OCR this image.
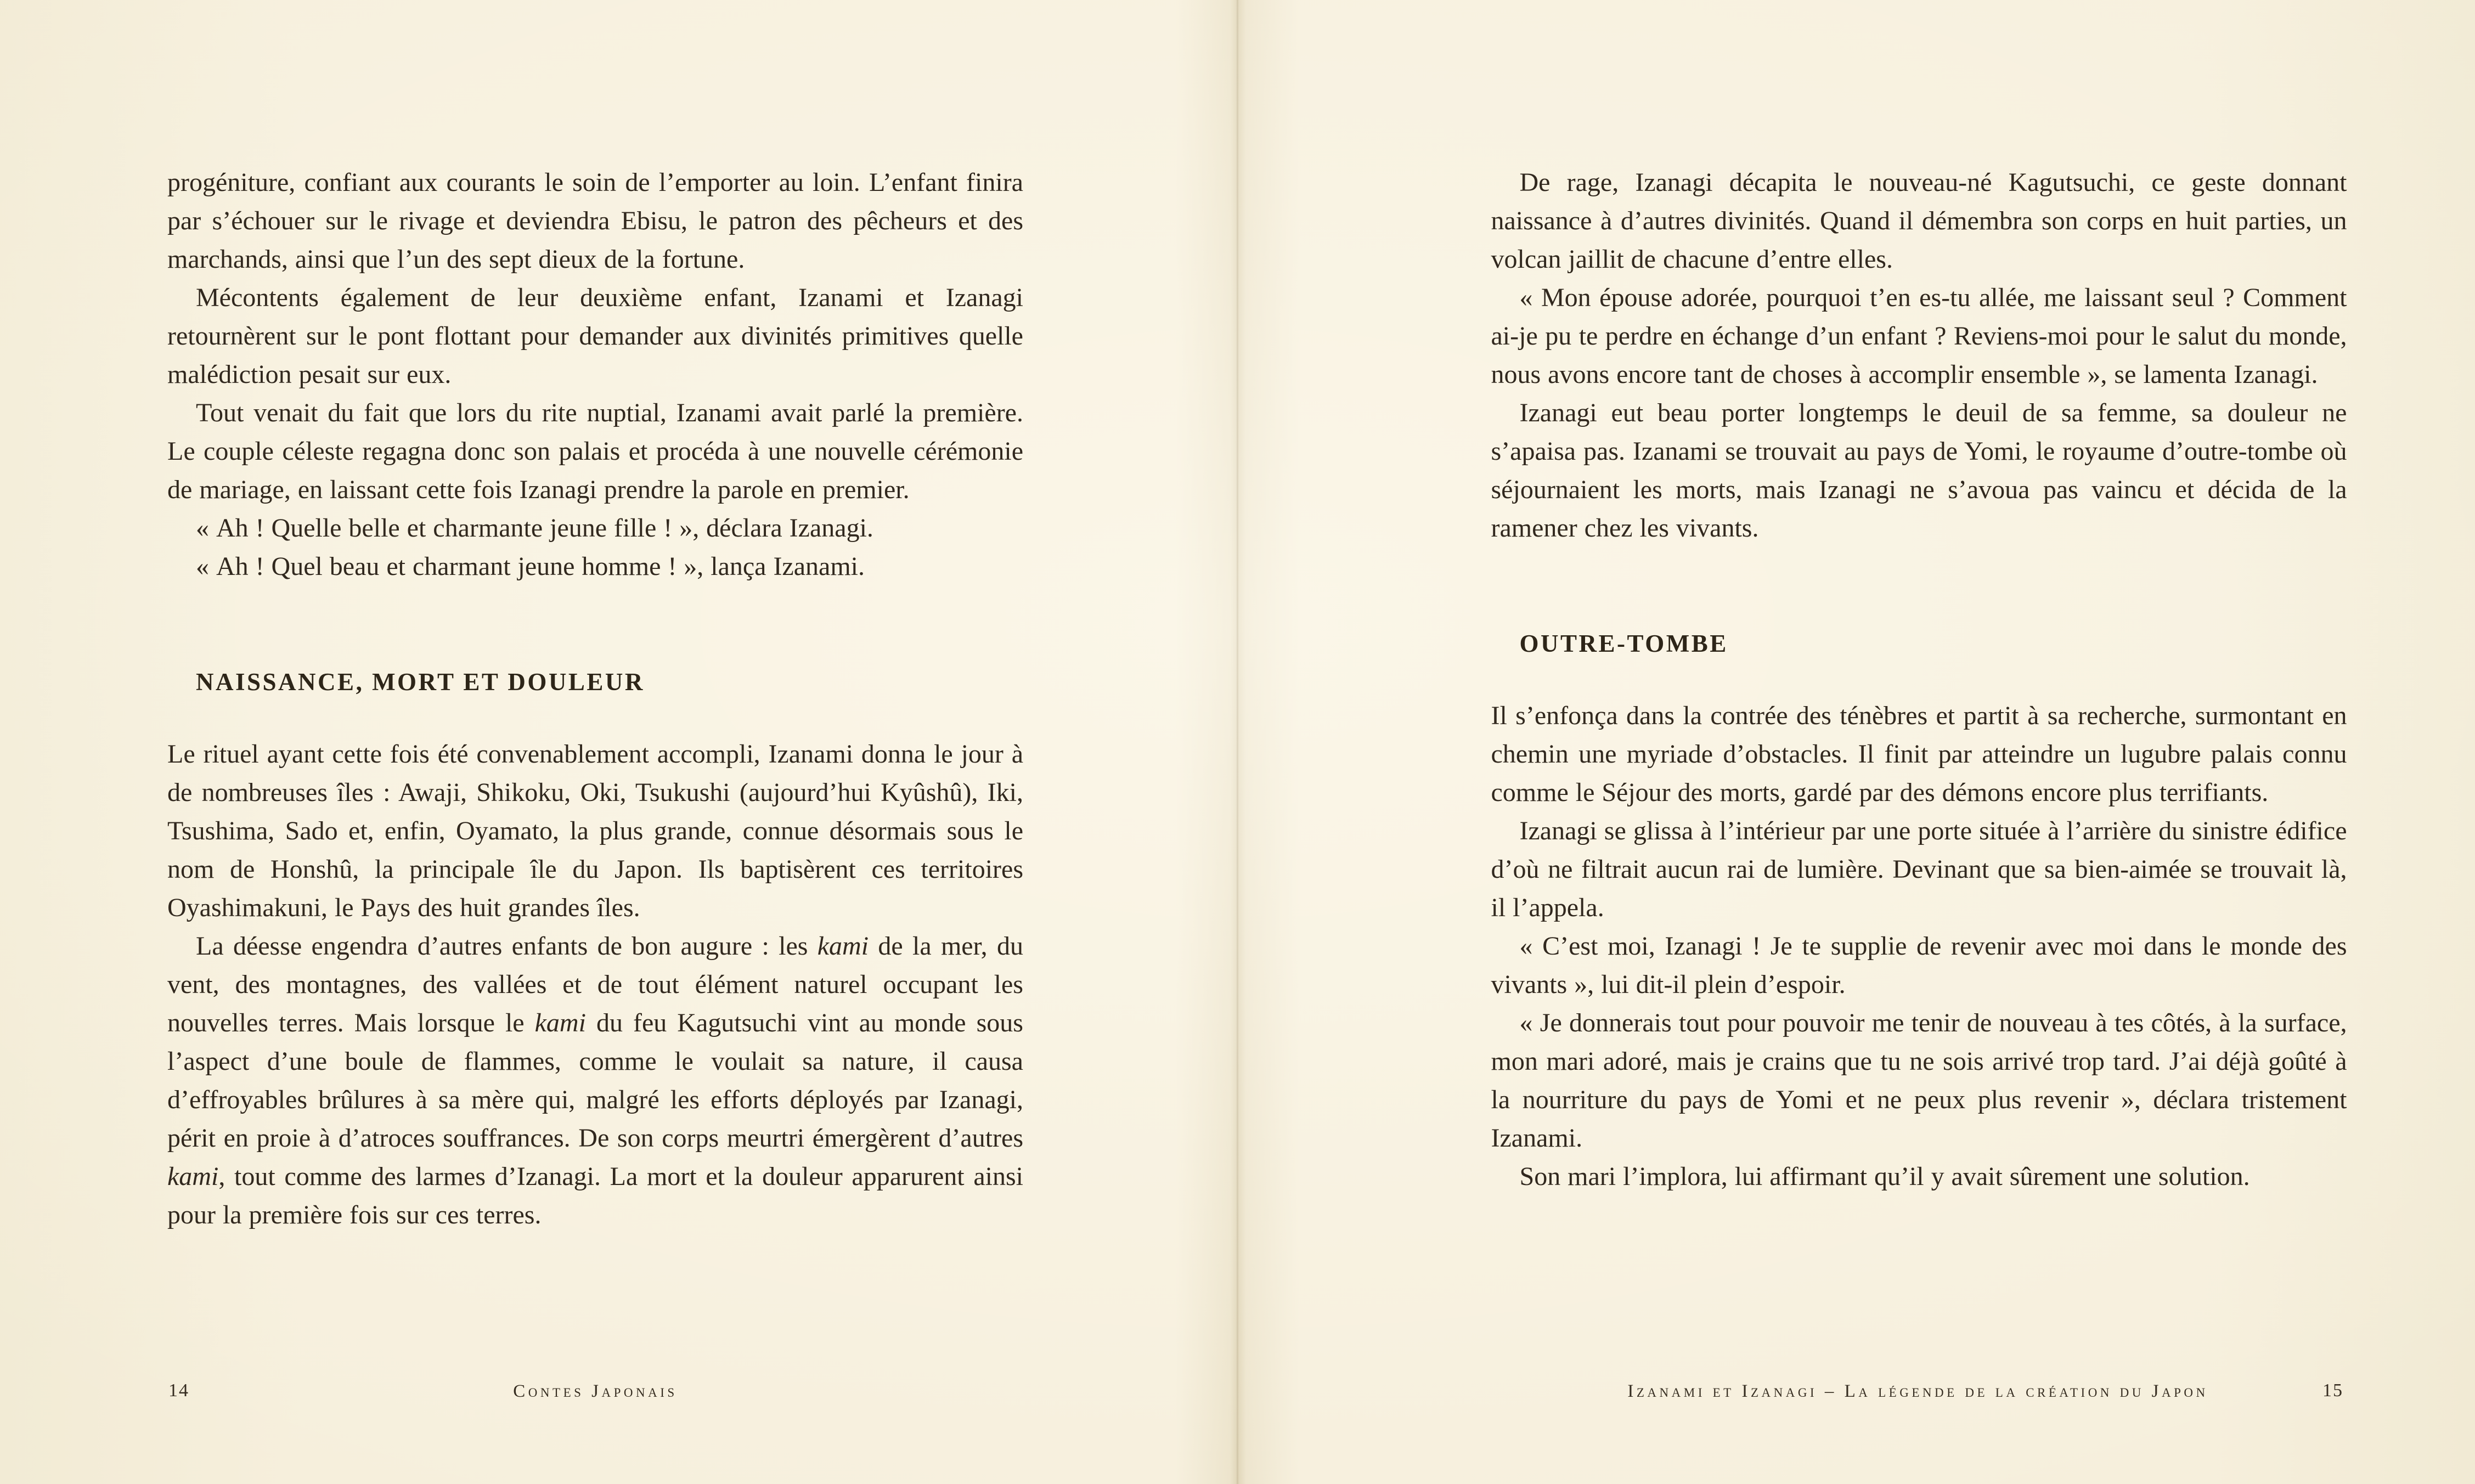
progéniture, confiant aux courants le soin de l’emporter au loin. L’enfant finira par s’échouer sur le rivage et deviendra Ebisu, le patron des pêcheurs et des marchands, ainsi que l’un des sept dieux de la fortune.

Mécontents également de leur deuxième enfant, Izanami et Izanagi retournèrent sur le pont flottant pour demander aux divinités primitives quelle malédiction pesait sur eux.

Tout venait du fait que lors du rite nuptial, Izanami avait parlé la première. Le couple céleste regagna donc son palais et procéda à une nouvelle cérémonie de mariage, en laissant cette fois Izanagi prendre la parole en premier.

« Ah ! Quelle belle et charmante jeune fille ! », déclara Izanagi.

« Ah ! Quel beau et charmant jeune homme ! », lança Izanami.

NAISSANCE, MORT ET DOULEUR

Le rituel ayant cette fois été convenablement accompli, Izanami donna le jour à de nombreuses îles : Awaji, Shikoku, Oki, Tsukushi (aujourd’hui Kyûshû), Iki, Tsushima, Sado et, enfin, Oyamato, la plus grande, connue désormais sous le nom de Honshû, la principale île du Japon. Ils baptisèrent ces territoires Oyashimakuni, le Pays des huit grandes îles.

La déesse engendra d’autres enfants de bon augure : les kami de la mer, du vent, des montagnes, des vallées et de tout élément naturel occupant les nouvelles terres. Mais lorsque le kami du feu Kagutsuchi vint au monde sous l’aspect d’une boule de flammes, comme le voulait sa nature, il causa d’effroyables brûlures à sa mère qui, malgré les efforts déployés par Izanagi, périt en proie à d’atroces souffrances. De son corps meurtri émergèrent d’autres kami, tout comme des larmes d’Izanagi. La mort et la douleur apparurent ainsi pour la première fois sur ces terres.

14	Contes Japonais

De rage, Izanagi décapita le nouveau-né Kagutsuchi, ce geste donnant naissance à d’autres divinités. Quand il démembra son corps en huit parties, un volcan jaillit de chacune d’entre elles.

« Mon épouse adorée, pourquoi t’en es-tu allée, me laissant seul ? Comment ai-je pu te perdre en échange d’un enfant ? Reviens-moi pour le salut du monde, nous avons encore tant de choses à accomplir ensemble », se lamenta Izanagi.

Izanagi eut beau porter longtemps le deuil de sa femme, sa douleur ne s’apaisa pas. Izanami se trouvait au pays de Yomi, le royaume d’outre-tombe où séjournaient les morts, mais Izanagi ne s’avoua pas vaincu et décida de la ramener chez les vivants.

OUTRE-TOMBE

Il s’enfonça dans la contrée des ténèbres et partit à sa recherche, surmontant en chemin une myriade d’obstacles. Il finit par atteindre un lugubre palais connu comme le Séjour des morts, gardé par des démons encore plus terrifiants.

Izanagi se glissa à l’intérieur par une porte située à l’arrière du sinistre édifice d’où ne filtrait aucun rai de lumière. Devinant que sa bien-aimée se trouvait là, il l’appela.

« C’est moi, Izanagi ! Je te supplie de revenir avec moi dans le monde des vivants », lui dit-il plein d’espoir.

« Je donnerais tout pour pouvoir me tenir de nouveau à tes côtés, à la surface, mon mari adoré, mais je crains que tu ne sois arrivé trop tard. J’ai déjà goûté à la nourriture du pays de Yomi et ne peux plus revenir », déclara tristement Izanami.

Son mari l’implora, lui affirmant qu’il y avait sûrement une solution.

Izanami et Izanagi – La légende de la création du Japon	15
